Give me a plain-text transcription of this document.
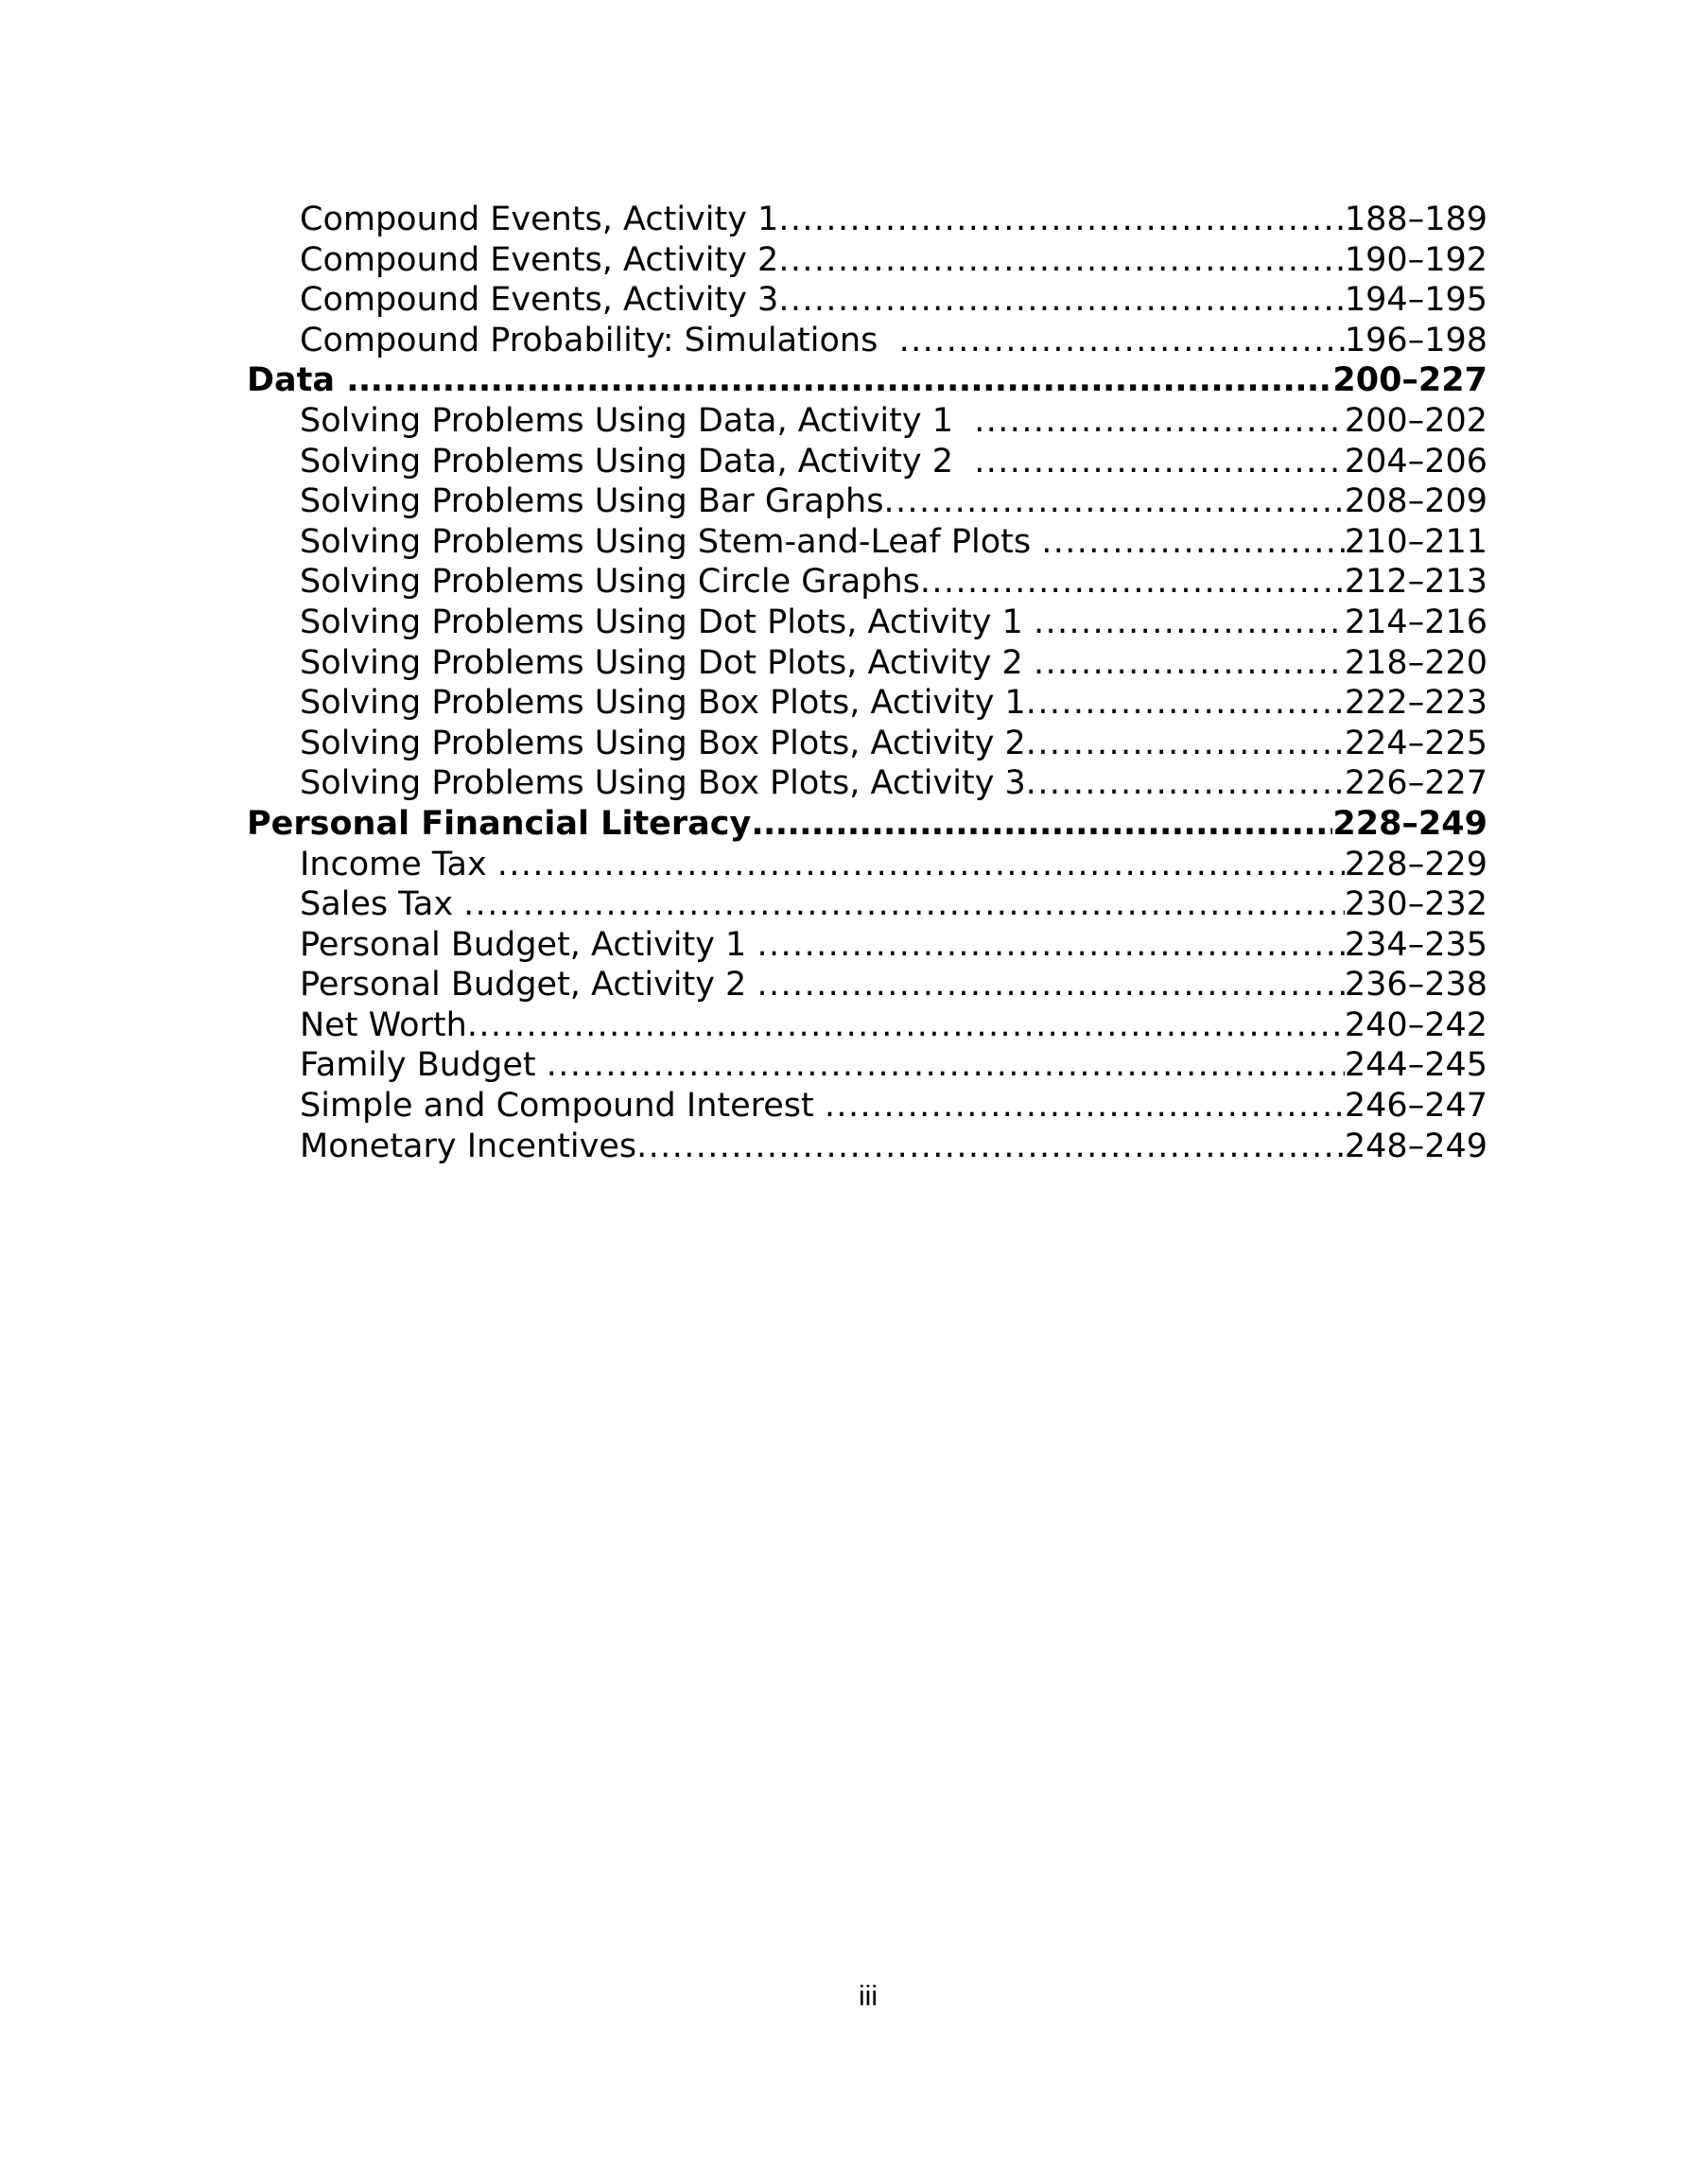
Compound Events, Activity 1 .....	188–189
Compound Events, Activity 2 .....	190–192
Compound Events, Activity 3 .....	194–195
Compound Probability: Simulations .....	196–198
Data .....	200–227
Solving Problems Using Data, Activity 1 .....	200–202
Solving Problems Using Data, Activity 2 .....	204–206
Solving Problems Using Bar Graphs .....	208–209
Solving Problems Using Stem-and-Leaf Plots .....	210–211
Solving Problems Using Circle Graphs .....	212–213
Solving Problems Using Dot Plots, Activity 1 .....	214–216
Solving Problems Using Dot Plots, Activity 2 .....	218–220
Solving Problems Using Box Plots, Activity 1 .....	222–223
Solving Problems Using Box Plots, Activity 2 .....	224–225
Solving Problems Using Box Plots, Activity 3 .....	226–227
Personal Financial Literacy .....	228–249
Income Tax .....	228–229
Sales Tax .....	230–232
Personal Budget, Activity 1 .....	234–235
Personal Budget, Activity 2 .....	236–238
Net Worth .....	240–242
Family Budget .....	244–245
Simple and Compound Interest .....	246–247
Monetary Incentives .....	248–249
iii
